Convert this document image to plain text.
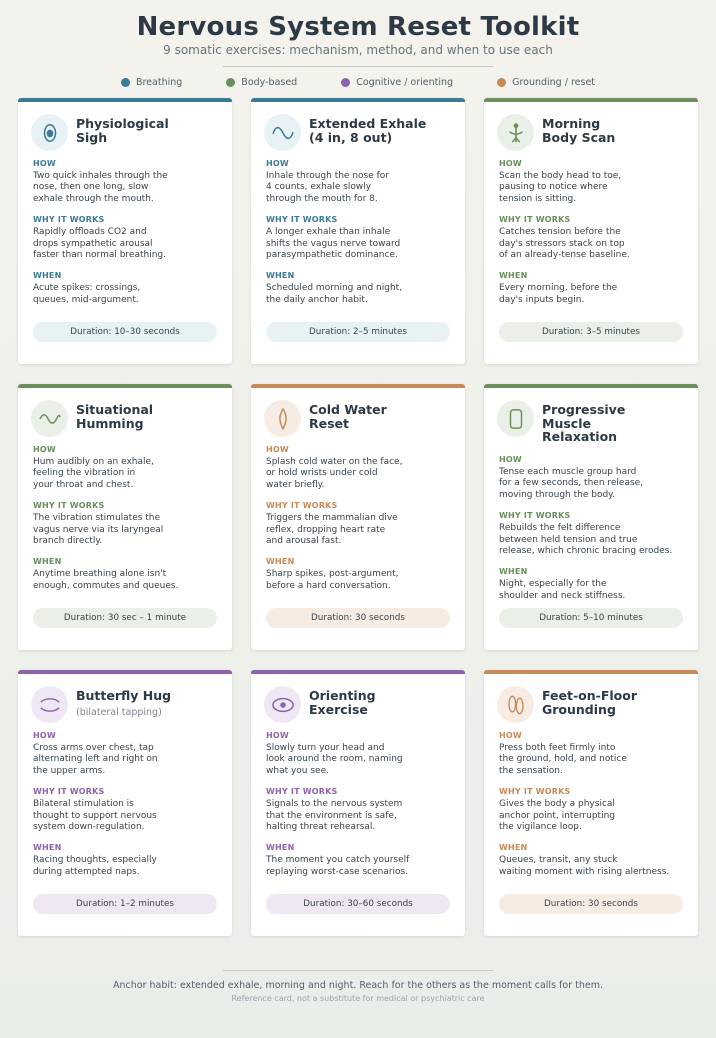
Nervous System Reset Toolkit
9 somatic exercises: mechanism, method, and when to use each
Breathing	Body-based	Cognitive / orienting	Grounding / reset
Physiological
Sigh
HOW
Two quick inhales through the
nose, then one long, slow
exhale through the mouth.
WHY IT WORKS
Rapidly offloads CO2 and
drops sympathetic arousal
faster than normal breathing.
WHEN
Acute spikes: crossings,
queues, mid-argument.
Duration: 10–30 seconds
Extended Exhale
(4 in, 8 out)
HOW
Inhale through the nose for
4 counts, exhale slowly
through the mouth for 8.
WHY IT WORKS
A longer exhale than inhale
shifts the vagus nerve toward
parasympathetic dominance.
WHEN
Scheduled morning and night,
the daily anchor habit.
Duration: 2–5 minutes
Morning
Body Scan
HOW
Scan the body head to toe,
pausing to notice where
tension is sitting.
WHY IT WORKS
Catches tension before the
day's stressors stack on top
of an already-tense baseline.
WHEN
Every morning, before the
day's inputs begin.
Duration: 3–5 minutes
Situational
Humming
HOW
Hum audibly on an exhale,
feeling the vibration in
your throat and chest.
WHY IT WORKS
The vibration stimulates the
vagus nerve via its laryngeal
branch directly.
WHEN
Anytime breathing alone isn't
enough, commutes and queues.
Duration: 30 sec – 1 minute
Cold Water
Reset
HOW
Splash cold water on the face,
or hold wrists under cold
water briefly.
WHY IT WORKS
Triggers the mammalian dive
reflex, dropping heart rate
and arousal fast.
WHEN
Sharp spikes, post-argument,
before a hard conversation.
Duration: 30 seconds
Progressive
Muscle
Relaxation
HOW
Tense each muscle group hard
for a few seconds, then release,
moving through the body.
WHY IT WORKS
Rebuilds the felt difference
between held tension and true
release, which chronic bracing erodes.
WHEN
Night, especially for the
shoulder and neck stiffness.
Duration: 5–10 minutes
Butterfly Hug
(bilateral tapping)
HOW
Cross arms over chest, tap
alternating left and right on
the upper arms.
WHY IT WORKS
Bilateral stimulation is
thought to support nervous
system down-regulation.
WHEN
Racing thoughts, especially
during attempted naps.
Duration: 1–2 minutes
Orienting
Exercise
HOW
Slowly turn your head and
look around the room, naming
what you see.
WHY IT WORKS
Signals to the nervous system
that the environment is safe,
halting threat rehearsal.
WHEN
The moment you catch yourself
replaying worst-case scenarios.
Duration: 30–60 seconds
Feet-on-Floor
Grounding
HOW
Press both feet firmly into
the ground, hold, and notice
the sensation.
WHY IT WORKS
Gives the body a physical
anchor point, interrupting
the vigilance loop.
WHEN
Queues, transit, any stuck
waiting moment with rising alertness.
Duration: 30 seconds
Anchor habit: extended exhale, morning and night. Reach for the others as the moment calls for them.
Reference card, not a substitute for medical or psychiatric care
